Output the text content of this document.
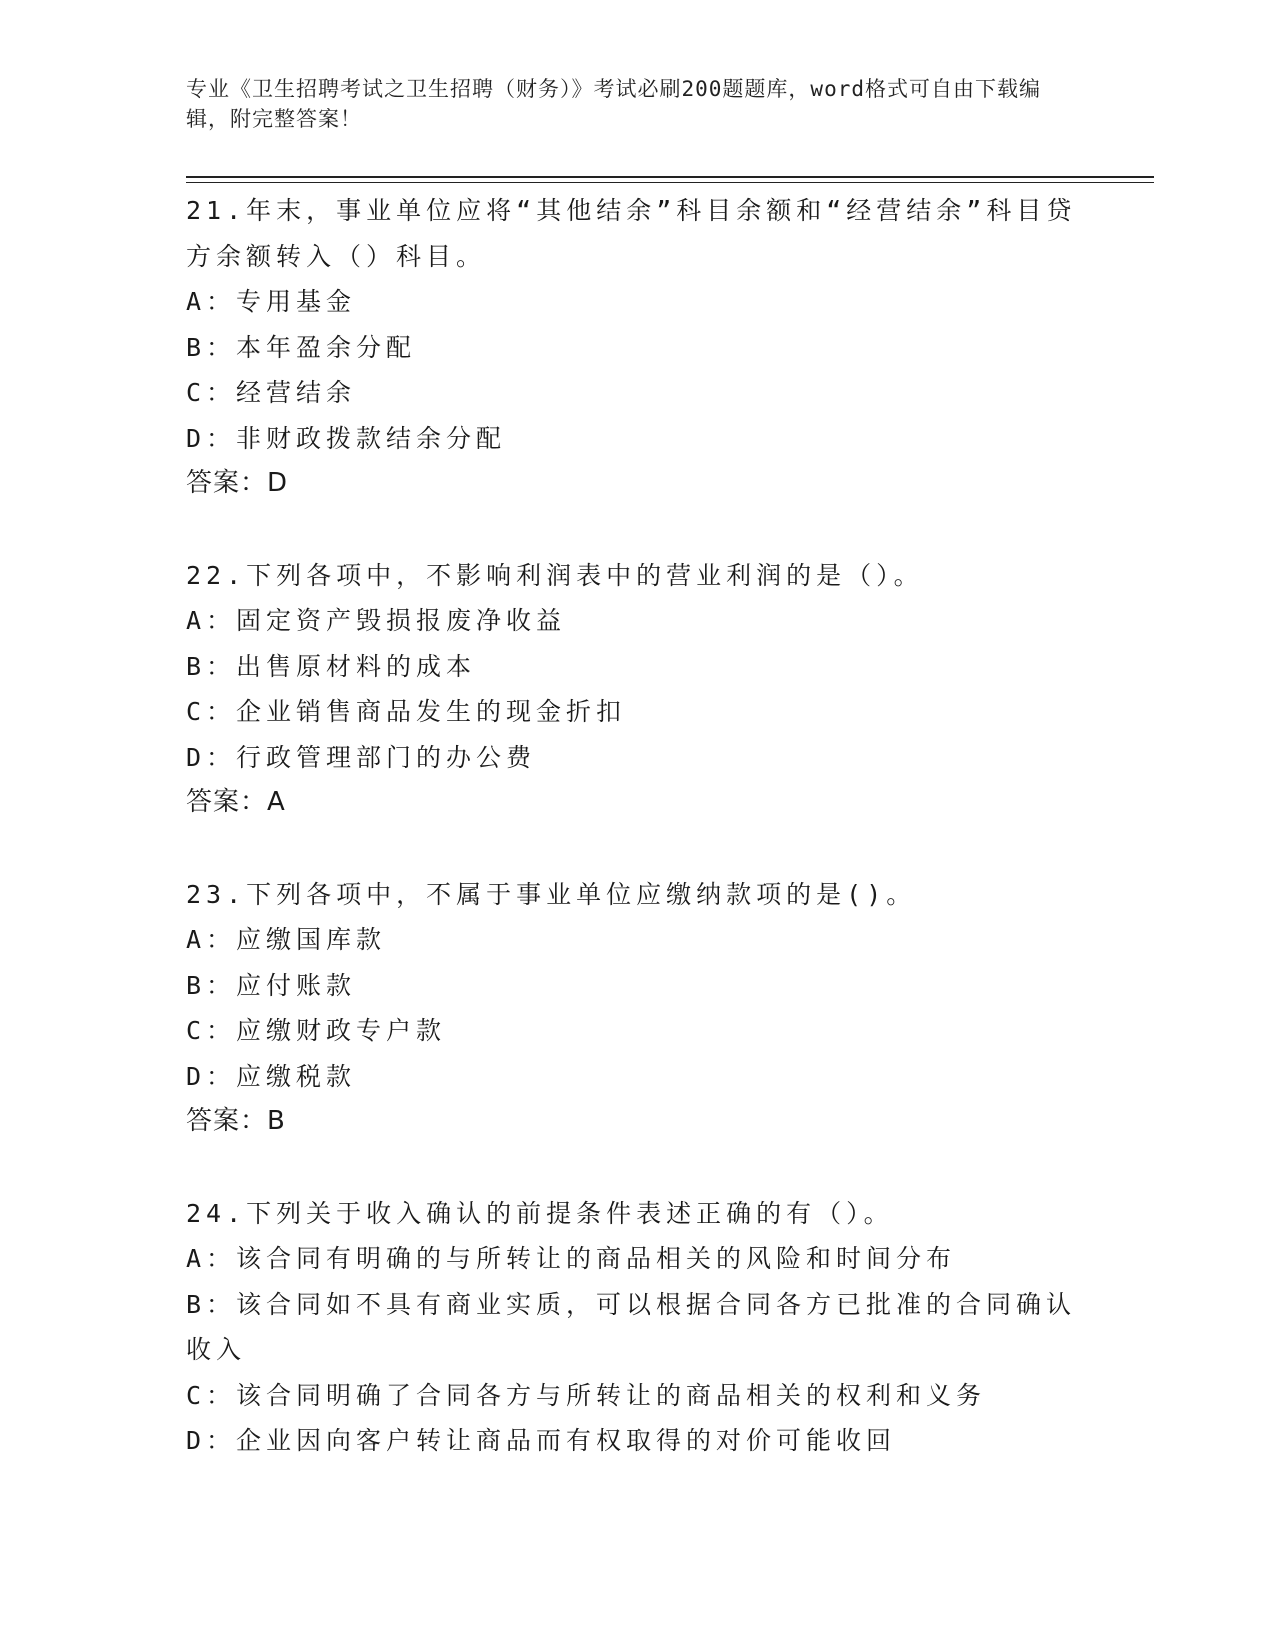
专业《卫生招聘考试之卫生招聘（财务）》考试必刷200题题库，word格式可自由下载编辑，附完整答案！
21.年末，事业单位应将“其他结余”科目余额和“经营结余”科目贷方余额转入（）科目。
A：专用基金
B：本年盈余分配
C：经营结余
D：非财政拨款结余分配
答案：D
22.下列各项中，不影响利润表中的营业利润的是（）。
A：固定资产毁损报废净收益
B：出售原材料的成本
C：企业销售商品发生的现金折扣
D：行政管理部门的办公费
答案：A
23.下列各项中，不属于事业单位应缴纳款项的是()。
A：应缴国库款
B：应付账款
C：应缴财政专户款
D：应缴税款
答案：B
24.下列关于收入确认的前提条件表述正确的有（）。
A：该合同有明确的与所转让的商品相关的风险和时间分布
B：该合同如不具有商业实质，可以根据合同各方已批准的合同确认收入
C：该合同明确了合同各方与所转让的商品相关的权利和义务
D：企业因向客户转让商品而有权取得的对价可能收回
